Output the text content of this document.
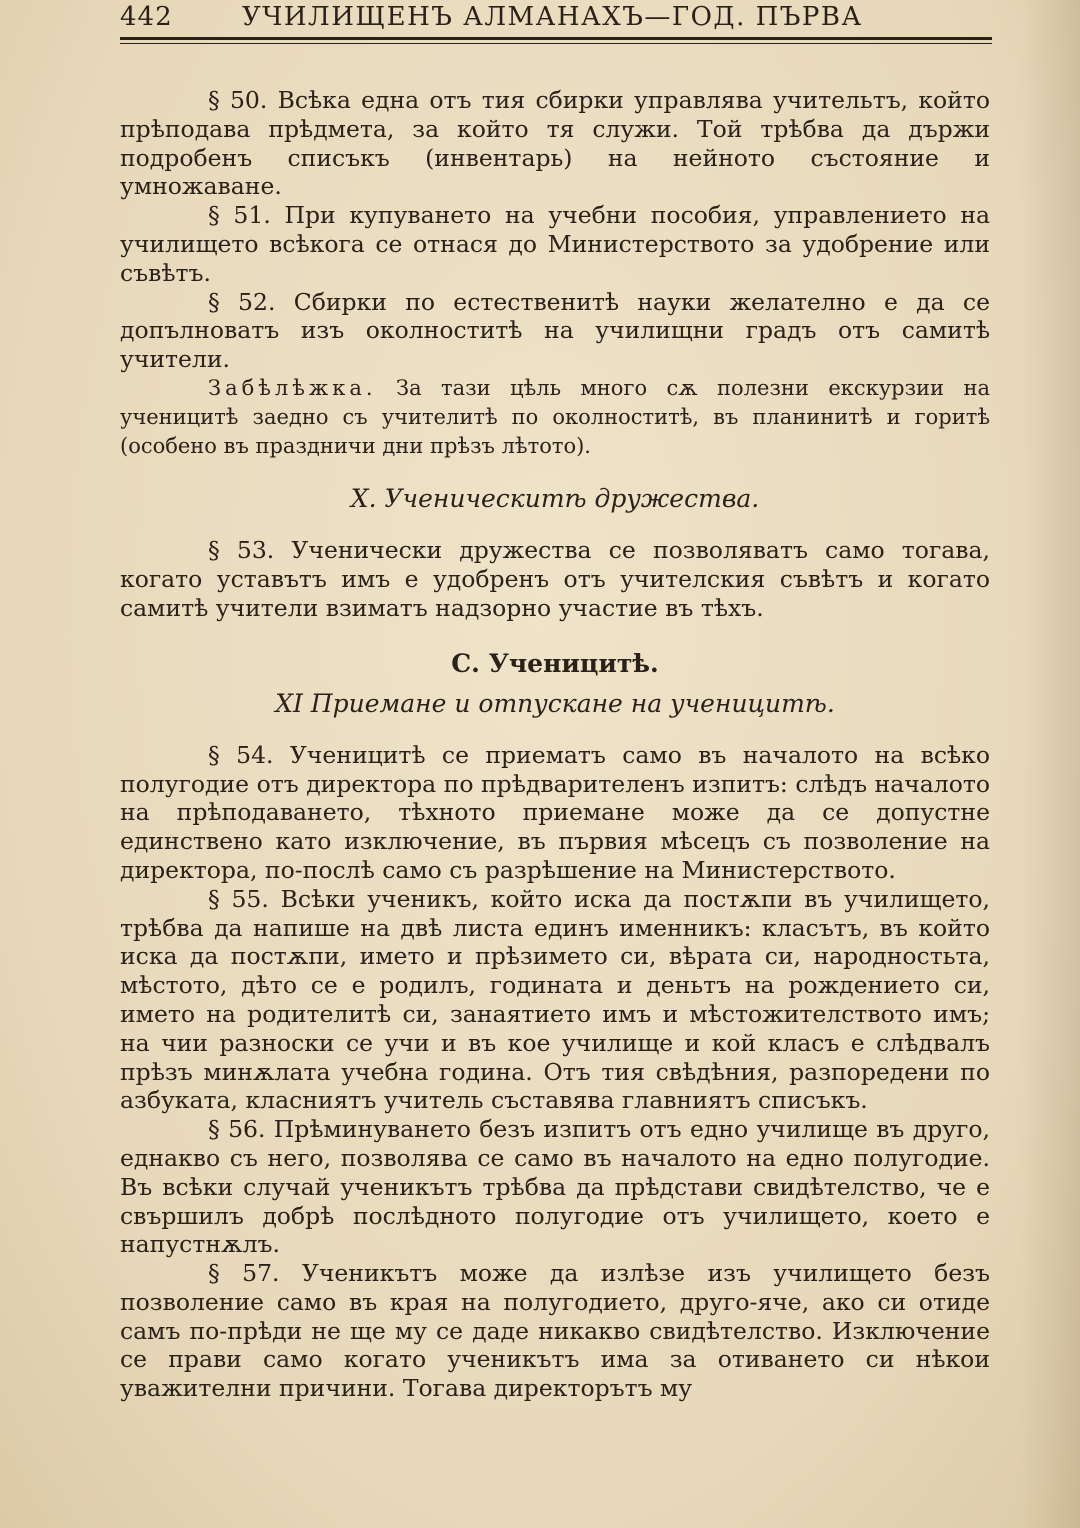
442	УЧИЛИЩЕНЪ АЛМАНАХЪ—ГОД. ПЪРВА

§ 50. Всѣка една отъ тия сбирки управлява учительтъ, който прѣподава прѣдмета, за който тя служи. Той трѣбва да държи подробенъ списъкъ (инвентарь) на нейното състояние и умножаване.

§ 51. При купуването на учебни пособия, управлението на училището всѣкога се отнася до Министерството за удобрение или съвѣтъ.

§ 52. Сбирки по естественитѣ науки желателно е да се допълноватъ изъ околноститѣ на училищни градъ отъ самитѣ учители.

Забѣлѣжка. За тази цѣль много сѫ полезни екскурзии на ученицитѣ заедно съ учителитѣ по околноститѣ, въ планинитѣ и горитѣ (особено въ праздничи дни прѣзъ лѣтото).

X. Ученическитѣ дружества.

§ 53. Ученически дружества се позволяватъ само тогава, когато уставътъ имъ е удобренъ отъ учителския съвѣтъ и когато самитѣ учители взиматъ надзорно участие въ тѣхъ.

С. Ученицитѣ.

XI Приемане и отпускане на ученицитѣ.

§ 54. Ученицитѣ се приематъ само въ началото на всѣко полугодие отъ директора по прѣдварителенъ изпитъ: слѣдъ началото на прѣподаването, тѣхното приемане може да се допустне единствено като изключение, въ първия мѣсецъ съ позволение на директора, по-послѣ само съ разрѣшение на Министерството.

§ 55. Всѣки ученикъ, който иска да постѫпи въ училището, трѣбва да напише на двѣ листа единъ именникъ: класътъ, въ който иска да постѫпи, името и прѣзимето си, вѣрата си, народностьта, мѣстото, дѣто се е родилъ, годината и деньтъ на рождението си, името на родителитѣ си, занаятието имъ и мѣстожителството имъ; на чии разноски се учи и въ кое училище и кой класъ е слѣдвалъ прѣзъ минѫлата учебна година. Отъ тия свѣдѣния, разпоредени по азбуката, класниятъ учитель съставява главниятъ списъкъ.

§ 56. Прѣминуването безъ изпитъ отъ едно училище въ друго, еднакво съ него, позволява се само въ началото на едно полугодие. Въ всѣки случай ученикътъ трѣбва да прѣдстави свидѣтелство, че е свършилъ добрѣ послѣдното полугодие отъ училището, което е напустнѫлъ.

§ 57. Ученикътъ може да излѣзе изъ училището безъ позволение само въ края на полугодието, друго-яче, ако си отиде самъ по-прѣди не ще му се даде никакво свидѣтелство. Изключение се прави само когато ученикътъ има за отиването си нѣкои уважителни причини. Тогава директорътъ му
